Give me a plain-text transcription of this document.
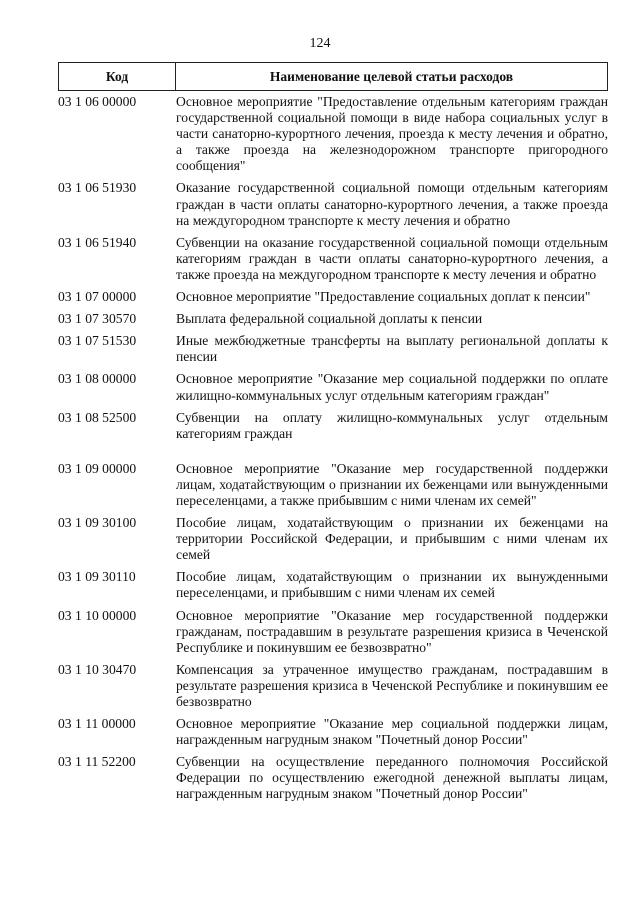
124
Код	Наименование целевой статьи расходов
03 1 06 00000	Основное мероприятие "Предоставление отдельным категориям граждан государственной социальной помощи в виде набора социальных услуг в части санаторно-курортного лечения, проезда к месту лечения и обратно, а также проезда на железнодорожном транспорте пригородного сообщения"
03 1 06 51930	Оказание государственной социальной помощи отдельным категориям граждан в части оплаты санаторно-курортного лечения, а также проезда на междугородном транспорте к месту лечения и обратно
03 1 06 51940	Субвенции на оказание государственной социальной помощи отдельным категориям граждан в части оплаты санаторно-курортного лечения, а также проезда на междугородном транспорте к месту лечения и обратно
03 1 07 00000	Основное мероприятие "Предоставление социальных доплат к пенсии"
03 1 07 30570	Выплата федеральной социальной доплаты к пенсии
03 1 07 51530	Иные межбюджетные трансферты на выплату региональной доплаты к пенсии
03 1 08 00000	Основное мероприятие "Оказание мер социальной поддержки по оплате жилищно-коммунальных услуг отдельным категориям граждан"
03 1 08 52500	Субвенции на оплату жилищно-коммунальных услуг отдельным категориям граждан
03 1 09 00000	Основное мероприятие "Оказание мер государственной поддержки лицам, ходатайствующим о признании их беженцами или вынужденными переселенцами, а также прибывшим с ними членам их семей"
03 1 09 30100	Пособие лицам, ходатайствующим о признании их беженцами на территории Российской Федерации, и прибывшим с ними членам их семей
03 1 09 30110	Пособие лицам, ходатайствующим о признании их вынужденными переселенцами, и прибывшим с ними членам их семей
03 1 10 00000	Основное мероприятие "Оказание мер государственной поддержки гражданам, пострадавшим в результате разрешения кризиса в Чеченской Республике и покинувшим ее безвозвратно"
03 1 10 30470	Компенсация за утраченное имущество гражданам, пострадавшим в результате разрешения кризиса в Чеченской Республике и покинувшим ее безвозвратно
03 1 11 00000	Основное мероприятие "Оказание мер социальной поддержки лицам, награжденным нагрудным знаком "Почетный донор России"
03 1 11 52200	Субвенции на осуществление переданного полномочия Российской Федерации по осуществлению ежегодной денежной выплаты лицам, награжденным нагрудным знаком "Почетный донор России"
